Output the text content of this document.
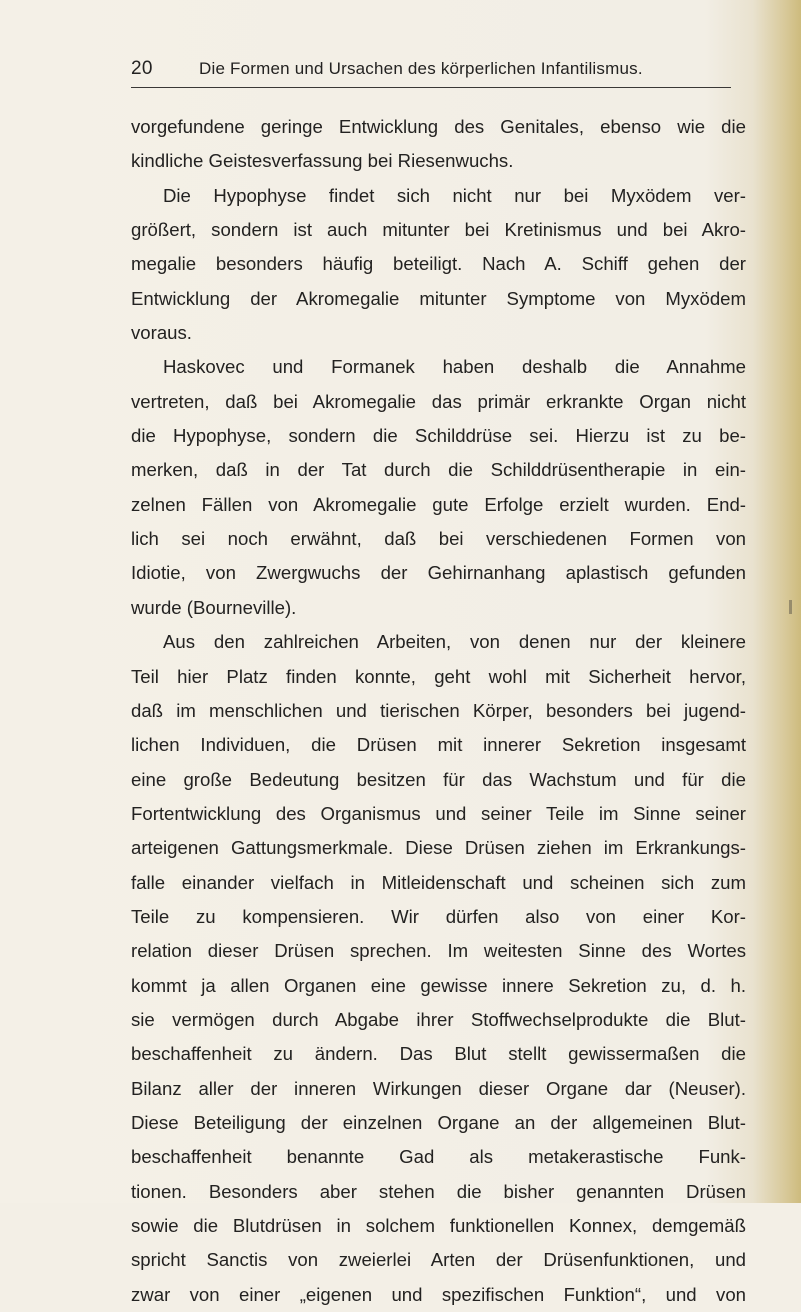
20	Die Formen und Ursachen des körperlichen Infantilismus.
vorgefundene geringe Entwicklung des Genitales, ebenso wie die
kindliche Geistesverfassung bei Riesenwuchs.
Die Hypophyse findet sich nicht nur bei Myxödem ver-
größert, sondern ist auch mitunter bei Kretinismus und bei Akro-
megalie besonders häufig beteiligt. Nach A. Schiff gehen der
Entwicklung der Akromegalie mitunter Symptome von Myxödem
voraus.
Haskovec und Formanek haben deshalb die Annahme
vertreten, daß bei Akromegalie das primär erkrankte Organ nicht
die Hypophyse, sondern die Schilddrüse sei. Hierzu ist zu be-
merken, daß in der Tat durch die Schilddrüsentherapie in ein-
zelnen Fällen von Akromegalie gute Erfolge erzielt wurden. End-
lich sei noch erwähnt, daß bei verschiedenen Formen von
Idiotie, von Zwergwuchs der Gehirnanhang aplastisch gefunden
wurde (Bourneville).
Aus den zahlreichen Arbeiten, von denen nur der kleinere
Teil hier Platz finden konnte, geht wohl mit Sicherheit hervor,
daß im menschlichen und tierischen Körper, besonders bei jugend-
lichen Individuen, die Drüsen mit innerer Sekretion insgesamt
eine große Bedeutung besitzen für das Wachstum und für die
Fortentwicklung des Organismus und seiner Teile im Sinne seiner
arteigenen Gattungsmerkmale. Diese Drüsen ziehen im Erkrankungs-
falle einander vielfach in Mitleidenschaft und scheinen sich zum
Teile zu kompensieren. Wir dürfen also von einer Kor-
relation dieser Drüsen sprechen. Im weitesten Sinne des Wortes
kommt ja allen Organen eine gewisse innere Sekretion zu, d. h.
sie vermögen durch Abgabe ihrer Stoffwechselprodukte die Blut-
beschaffenheit zu ändern. Das Blut stellt gewissermaßen die
Bilanz aller der inneren Wirkungen dieser Organe dar (Neuser).
Diese Beteiligung der einzelnen Organe an der allgemeinen Blut-
beschaffenheit benannte Gad als metakerastische Funk-
tionen. Besonders aber stehen die bisher genannten Drüsen
sowie die Blutdrüsen in solchem funktionellen Konnex, demgemäß
spricht Sanctis von zweierlei Arten der Drüsenfunktionen, und
zwar von einer „eigenen und spezifischen Funktion“, und von
